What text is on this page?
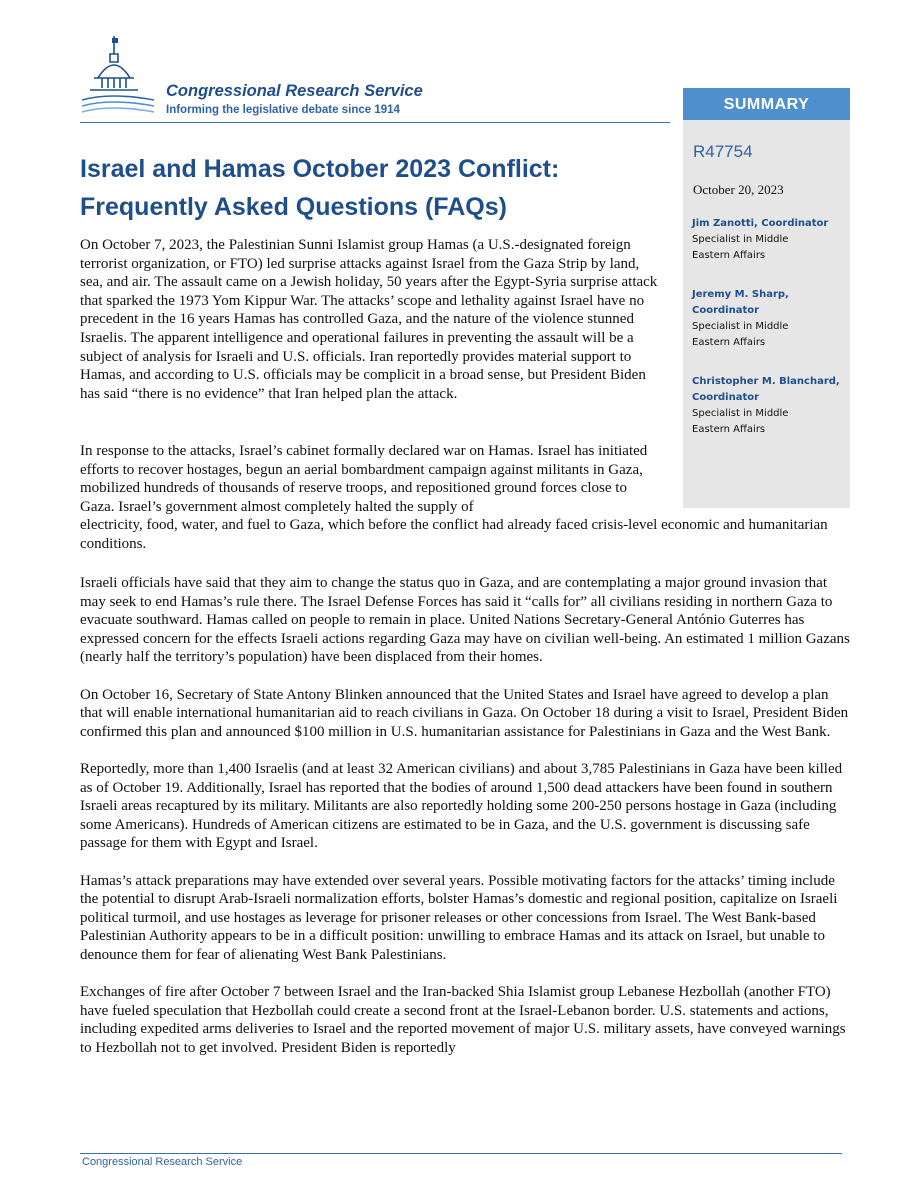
Congressional Research Service
Informing the legislative debate since 1914	SUMMARY
R47754
October 20, 2023
Jim Zanotti, Coordinator
Specialist in Middle
Eastern Affairs
Jeremy M. Sharp,
Coordinator
Specialist in Middle
Eastern Affairs
Christopher M. Blanchard,
Coordinator
Specialist in Middle
Eastern Affairs
Israel and Hamas October 2023 Conflict:
Frequently Asked Questions (FAQs)

On October 7, 2023, the Palestinian Sunni Islamist group Hamas (a U.S.-designated foreign terrorist organization, or FTO) led surprise attacks against Israel from the Gaza Strip by land, sea, and air. The assault came on a Jewish holiday, 50 years after the Egypt-Syria surprise attack that sparked the 1973 Yom Kippur War. The attacks’ scope and lethality against Israel have no precedent in the 16 years Hamas has controlled Gaza, and the nature of the violence stunned Israelis. The apparent intelligence and operational failures in preventing the assault will be a subject of analysis for Israeli and U.S. officials. Iran reportedly provides material support to Hamas, and according to U.S. officials may be complicit in a broad sense, but President Biden has said “there is no evidence” that Iran helped plan the attack.

In response to the attacks, Israel’s cabinet formally declared war on Hamas. Israel has initiated efforts to recover hostages, begun an aerial bombardment campaign against militants in Gaza, mobilized hundreds of thousands of reserve troops, and repositioned ground forces close to Gaza. Israel’s government almost completely halted the supply of
electricity, food, water, and fuel to Gaza, which before the conflict had already faced crisis-level economic and humanitarian conditions.

Israeli officials have said that they aim to change the status quo in Gaza, and are contemplating a major ground invasion that may seek to end Hamas’s rule there. The Israel Defense Forces has said it “calls for” all civilians residing in northern Gaza to evacuate southward. Hamas called on people to remain in place. United Nations Secretary-General António Guterres has expressed concern for the effects Israeli actions regarding Gaza may have on civilian well-being. An estimated 1 million Gazans (nearly half the territory’s population) have been displaced from their homes.

On October 16, Secretary of State Antony Blinken announced that the United States and Israel have agreed to develop a plan that will enable international humanitarian aid to reach civilians in Gaza. On October 18 during a visit to Israel, President Biden confirmed this plan and announced $100 million in U.S. humanitarian assistance for Palestinians in Gaza and the West Bank.

Reportedly, more than 1,400 Israelis (and at least 32 American civilians) and about 3,785 Palestinians in Gaza have been killed as of October 19. Additionally, Israel has reported that the bodies of around 1,500 dead attackers have been found in southern Israeli areas recaptured by its military. Militants are also reportedly holding some 200-250 persons hostage in Gaza (including some Americans). Hundreds of American citizens are estimated to be in Gaza, and the U.S. government is discussing safe passage for them with Egypt and Israel.

Hamas’s attack preparations may have extended over several years. Possible motivating factors for the attacks’ timing include the potential to disrupt Arab-Israeli normalization efforts, bolster Hamas’s domestic and regional position, capitalize on Israeli political turmoil, and use hostages as leverage for prisoner releases or other concessions from Israel. The West Bank-based Palestinian Authority appears to be in a difficult position: unwilling to embrace Hamas and its attack on Israel, but unable to denounce them for fear of alienating West Bank Palestinians.

Exchanges of fire after October 7 between Israel and the Iran-backed Shia Islamist group Lebanese Hezbollah (another FTO) have fueled speculation that Hezbollah could create a second front at the Israel-Lebanon border. U.S. statements and actions, including expedited arms deliveries to Israel and the reported movement of major U.S. military assets, have conveyed warnings to Hezbollah not to get involved. President Biden is reportedly

Congressional Research Service
